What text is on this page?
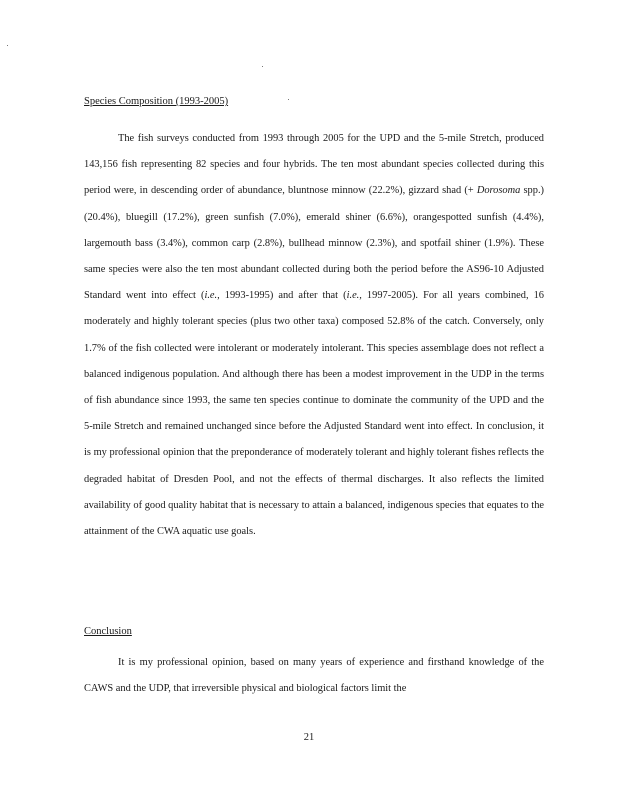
Species Composition (1993-2005)

The fish surveys conducted from 1993 through 2005 for the UPD and the 5-mile Stretch, produced 143,156 fish representing 82 species and four hybrids. The ten most abundant species collected during this period were, in descending order of abundance, bluntnose minnow (22.2%), gizzard shad (+ Dorosoma spp.) (20.4%), bluegill (17.2%), green sunfish (7.0%), emerald shiner (6.6%), orangespotted sunfish (4.4%), largemouth bass (3.4%), common carp (2.8%), bullhead minnow (2.3%), and spotfail shiner (1.9%). These same species were also the ten most abundant collected during both the period before the AS96-10 Adjusted Standard went into effect (i.e., 1993-1995) and after that (i.e., 1997-2005). For all years combined, 16 moderately and highly tolerant species (plus two other taxa) composed 52.8% of the catch. Conversely, only 1.7% of the fish collected were intolerant or moderately intolerant. This species assemblage does not reflect a balanced indigenous population. And although there has been a modest improvement in the UDP in the terms of fish abundance since 1993, the same ten species continue to dominate the community of the UPD and the 5-mile Stretch and remained unchanged since before the Adjusted Standard went into effect. In conclusion, it is my professional opinion that the preponderance of moderately tolerant and highly tolerant fishes reflects the degraded habitat of Dresden Pool, and not the effects of thermal discharges. It also reflects the limited availability of good quality habitat that is necessary to attain a balanced, indigenous species that equates to the attainment of the CWA aquatic use goals.

Conclusion

It is my professional opinion, based on many years of experience and firsthand knowledge of the CAWS and the UDP, that irreversible physical and biological factors limit the

21
